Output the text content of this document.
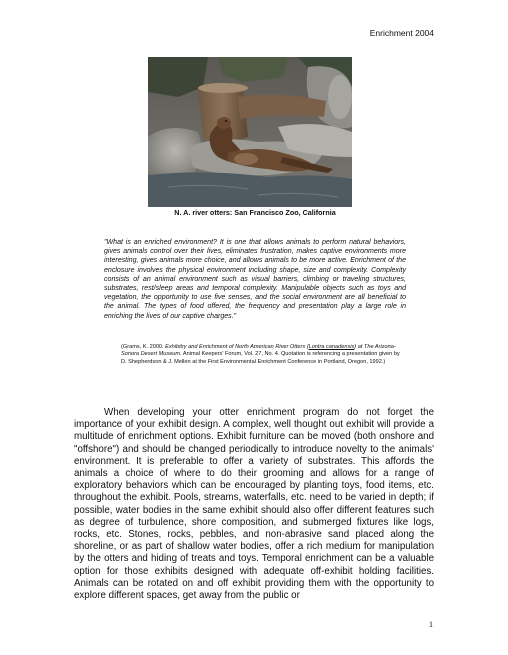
Enrichment 2004
N. A. river otters: San Francisco Zoo, California
"What is an enriched environment? It is one that allows animals to perform natural behaviors, gives animals control over their lives, eliminates frustration, makes captive environments more interesting, gives animals more choice, and allows animals to be more active. Enrichment of the enclosure involves the physical environment including shape, size and complexity. Complexity consists of an animal environment such as visual barriers, climbing or traveling structures, substrates, rest/sleep areas and temporal complexity. Manipulable objects such as toys and vegetation, the opportunity to use five senses, and the social environment are all beneficial to the animal. The types of food offered, the frequency and presentation play a large role in enriching the lives of our captive charges."
(Grams, K. 2000. Exhibitry and Enrichment of North American River Otters (Lontra canadensis) at The Arizona-Sonora Desert Museum. Animal Keepers' Forum, Vol. 27, No. 4. Quotation is referencing a presentation given by D. Shepherdson & J. Mellen at the First Environmental Enrichment Conference in Portland, Oregon, 1992.)

When developing your otter enrichment program do not forget the importance of your exhibit design. A complex, well thought out exhibit will provide a multitude of enrichment options. Exhibit furniture can be moved (both onshore and "offshore") and should be changed periodically to introduce novelty to the animals' environment. It is preferable to offer a variety of substrates. This affords the animals a choice of where to do their grooming and allows for a range of exploratory behaviors which can be encouraged by planting toys, food items, etc. throughout the exhibit. Pools, streams, waterfalls, etc. need to be varied in depth; if possible, water bodies in the same exhibit should also offer different features such as degree of turbulence, shore composition, and submerged fixtures like logs, rocks, etc. Stones, rocks, pebbles, and non-abrasive sand placed along the shoreline, or as part of shallow water bodies, offer a rich medium for manipulation by the otters and hiding of treats and toys. Temporal enrichment can be a valuable option for those exhibits designed with adequate off-exhibit holding facilities. Animals can be rotated on and off exhibit providing them with the opportunity to explore different spaces, get away from the public or

1
